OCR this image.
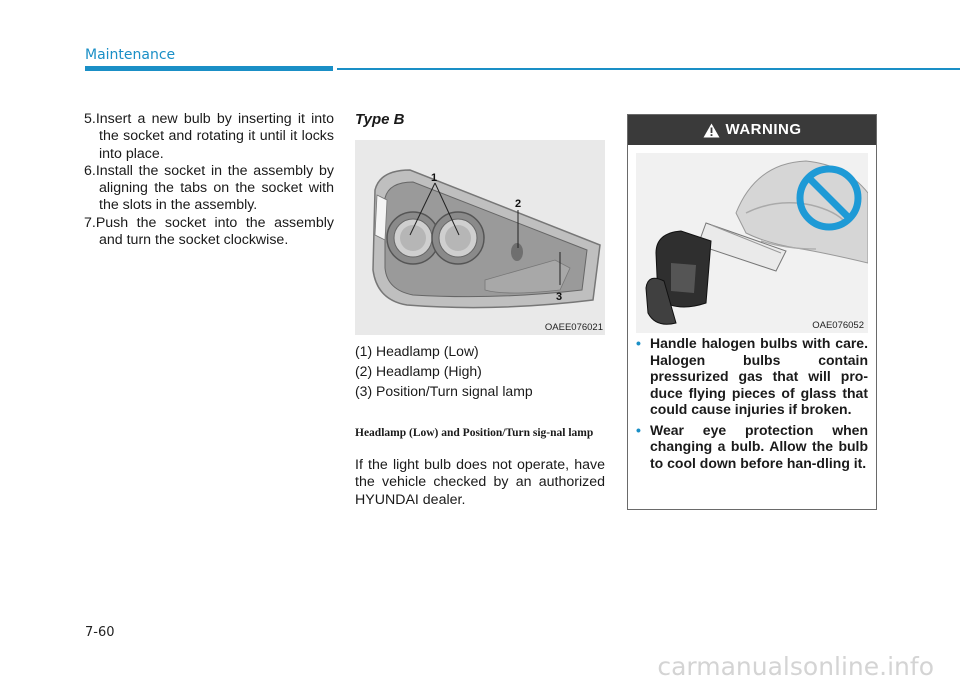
Maintenance
5.Insert a new bulb by inserting it into the socket and rotating it until it locks into place.
6.Install the socket in the assembly by aligning the tabs on the socket with the slots in the assembly.
7.Push the socket into the assembly and turn the socket clockwise.
Type B
1
2
3
OAEE076021
(1) Headlamp (Low)
(2) Headlamp (High)
(3) Position/Turn signal lamp
Headlamp (Low) and Position/Turn sig-nal lamp
If the light bulb does not operate, have the vehicle checked by an authorized HYUNDAI dealer.
WARNING
OAE076052
• Handle halogen bulbs with care. Halogen bulbs contain pressurized gas that will pro-duce flying pieces of glass that could cause injuries if broken.
• Wear eye protection when changing a bulb. Allow the bulb to cool down before han-dling it.
7-60
carmanualsonline.info
